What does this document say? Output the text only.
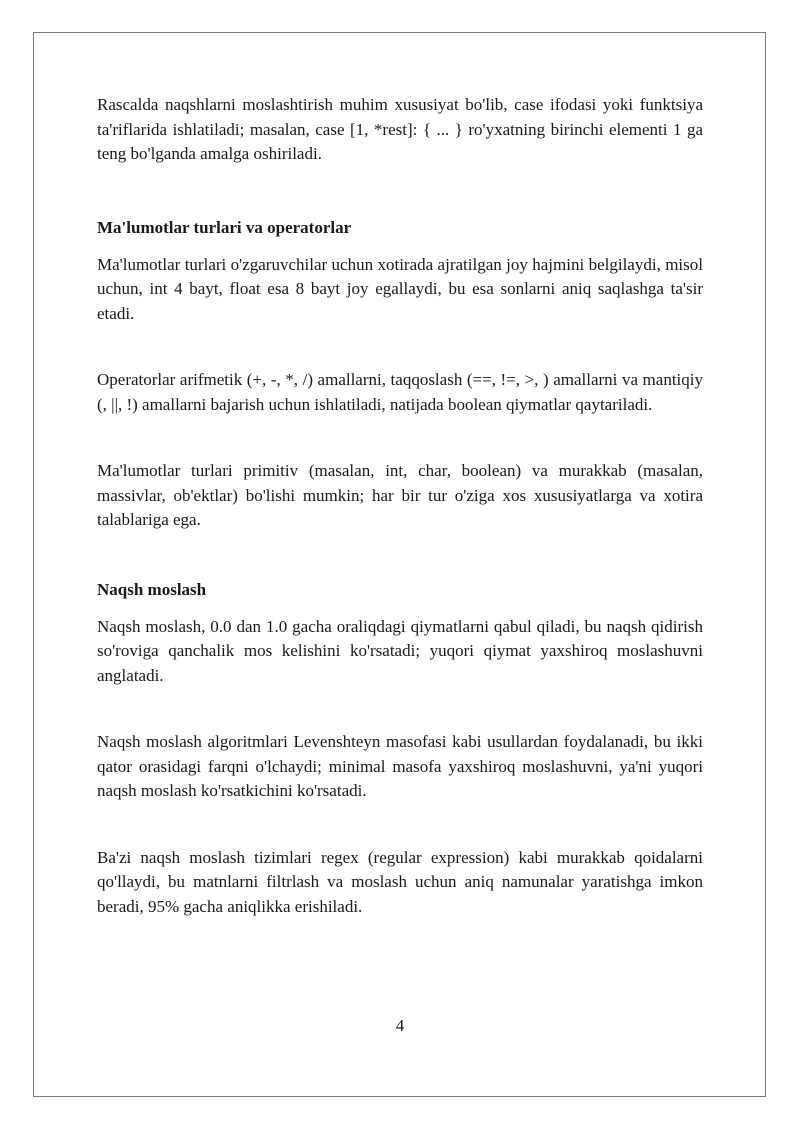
Rascalda naqshlarni moslashtirish muhim xususiyat bo'lib, case ifodasi yoki funktsiya ta'riflarida ishlatiladi; masalan, case [1, *rest]: { ... } ro'yxatning birinchi elementi 1 ga teng bo'lganda amalga oshiriladi.

Ma'lumotlar turlari va operatorlar

Ma'lumotlar turlari o'zgaruvchilar uchun xotirada ajratilgan joy hajmini belgilaydi, misol uchun, int 4 bayt, float esa 8 bayt joy egallaydi, bu esa sonlarni aniq saqlashga ta'sir etadi.

Operatorlar arifmetik (+, -, *, /) amallarni, taqqoslash (==, !=, >, ) amallarni va mantiqiy (, ||, !) amallarni bajarish uchun ishlatiladi, natijada boolean qiymatlar qaytariladi.

Ma'lumotlar turlari primitiv (masalan, int, char, boolean) va murakkab (masalan, massivlar, ob'ektlar) bo'lishi mumkin; har bir tur o'ziga xos xususiyatlarga va xotira talablariga ega.

Naqsh moslash

Naqsh moslash, 0.0 dan 1.0 gacha oraliqdagi qiymatlarni qabul qiladi, bu naqsh qidirish so'roviga qanchalik mos kelishini ko'rsatadi; yuqori qiymat yaxshiroq moslashuvni anglatadi.

Naqsh moslash algoritmlari Levenshteyn masofasi kabi usullardan foydalanadi, bu ikki qator orasidagi farqni o'lchaydi; minimal masofa yaxshiroq moslashuvni, ya'ni yuqori naqsh moslash ko'rsatkichini ko'rsatadi.

Ba'zi naqsh moslash tizimlari regex (regular expression) kabi murakkab qoidalarni qo'llaydi, bu matnlarni filtrlash va moslash uchun aniq namunalar yaratishga imkon beradi, 95% gacha aniqlikka erishiladi.

4
